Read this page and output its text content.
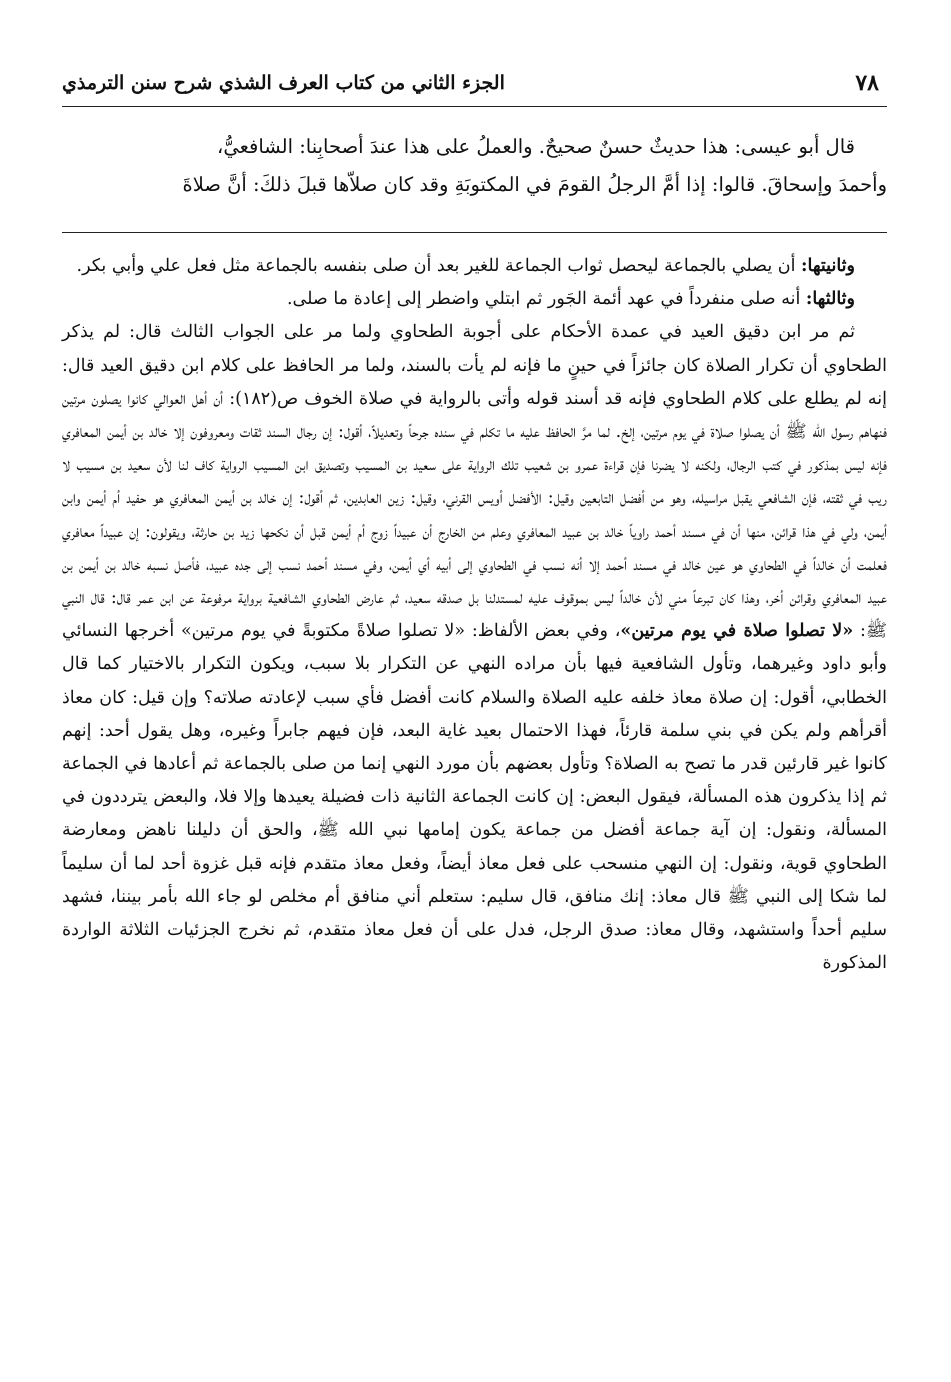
٧٨
الجزء الثاني من كتاب العرف الشذي شرح سنن الترمذي
قال أبو عيسى: هذا حديثٌ حسنٌ صحيحٌ. والعملُ على هذا عندَ أصحابِنا: الشافعيُّ،
وأحمدَ وإسحاقَ. قالوا: إذا أمَّ الرجلُ القومَ في المكتوبَةِ وقد كان صلاّها قبلَ ذلكَ: أنَّ صلاةَ

وثانيتها: أن يصلي بالجماعة ليحصل ثواب الجماعة للغير بعد أن صلى بنفسه بالجماعة مثل فعل علي وأبي بكر.

وثالثها: أنه صلى منفرداً في عهد أئمة الجَور ثم ابتلي واضطر إلى إعادة ما صلى.

ثم مر ابن دقيق العيد في عمدة الأحكام على أجوبة الطحاوي ولما مر على الجواب الثالث قال: لم يذكر الطحاوي أن تكرار الصلاة كان جائزاً في حينٍ ما فإنه لم يأت بالسند، ولما مر الحافظ على كلام ابن دقيق العيد قال: إنه لم يطلع على كلام الطحاوي فإنه قد أسند قوله وأتى بالرواية في صلاة الخوف ص(١٨٢): أن أهل العوالي كانوا يصلون مرتين فنهاهم رسول الله ﷺ أن يصلوا صلاة في يوم مرتين، إلخ. لما مرَّ الحافظ عليه ما تكلم في سنده جرحاً وتعديلاً، أقول: إن رجال السند ثقات ومعروفون إلا خالد بن أيمن المعافري فإنه ليس بمذكور في كتب الرجال، ولكنه لا يضرنا فإن قراءة عمرو بن شعيب تلك الرواية على سعيد بن المسيب وتصديق ابن المسيب الرواية كاف لنا لأن سعيد بن مسيب لا ريب في ثقته، فإن الشافعي يقبل مراسيله، وهو من أفضل التابعين وقيل: الأفضل أويس القرني، وقيل: زين العابدين، ثم أقول: إن خالد بن أيمن المعافري هو حفيد أم أيمن وابن أيمن، ولي في هذا قرائن، منها أن في مسند أحمد راوياً خالد بن عبيد المعافري وعلم من الخارج أن عبيداً زوج أم أيمن قبل أن نكحها زيد بن حارثة، ويقولون: إن عبيداً معافري فعلمت أن خالداً في الطحاوي هو عين خالد في مسند أحمد إلا أنه نسب في الطحاوي إلى أبيه أي أيمن، وفي مسند أحمد نسب إلى جده عبيد، فأصل نسبه خالد بن أيمن بن عبيد المعافري وقرائن أخر، وهذا كان تبرعاً مني لأن خالداً ليس بموقوف عليه لمستدلنا بل صدقه سعيد، ثم عارض الطحاوي الشافعية برواية مرفوعة عن ابن عمر قال: قال النبي ﷺ: «لا تصلوا صلاة في يوم مرتين»، وفي بعض الألفاظ: «لا تصلوا صلاةً مكتوبةً في يوم مرتين» أخرجها النسائي وأبو داود وغيرهما، وتأول الشافعية فيها بأن مراده النهي عن التكرار بلا سبب، ويكون التكرار بالاختيار كما قال الخطابي، أقول: إن صلاة معاذ خلفه عليه الصلاة والسلام كانت أفضل فأي سبب لإعادته صلاته؟ وإن قيل: كان معاذ أقرأهم ولم يكن في بني سلمة قارئاً، فهذا الاحتمال بعيد غاية البعد، فإن فيهم جابراً وغيره، وهل يقول أحد: إنهم كانوا غير قارئين قدر ما تصح به الصلاة؟ وتأول بعضهم بأن مورد النهي إنما من صلى بالجماعة ثم أعادها في الجماعة ثم إذا يذكرون هذه المسألة، فيقول البعض: إن كانت الجماعة الثانية ذات فضيلة يعيدها وإلا فلا، والبعض يترددون في المسألة، ونقول: إن آية جماعة أفضل من جماعة يكون إمامها نبي الله ﷺ، والحق أن دليلنا ناهض ومعارضة الطحاوي قوية، ونقول: إن النهي منسحب على فعل معاذ أيضاً، وفعل معاذ متقدم فإنه قبل غزوة أحد لما أن سليماً لما شكا إلى النبي ﷺ قال معاذ: إنك منافق، قال سليم: ستعلم أني منافق أم مخلص لو جاء الله بأمر بيننا، فشهد سليم أحداً واستشهد، وقال معاذ: صدق الرجل، فدل على أن فعل معاذ متقدم، ثم نخرج الجزئيات الثلاثة الواردة المذكورة
